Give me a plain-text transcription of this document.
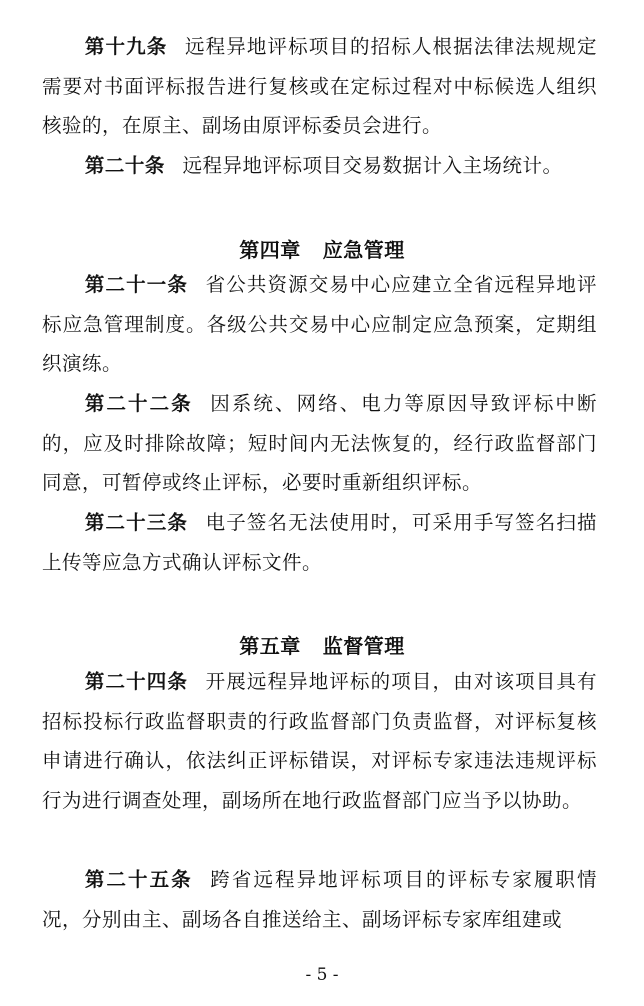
第十九条 远程异地评标项目的招标人根据法律法规规定需要对书面评标报告进行复核或在定标过程对中标候选人组织核验的，在原主、副场由原评标委员会进行。

第二十条 远程异地评标项目交易数据计入主场统计。

第四章 应急管理

第二十一条 省公共资源交易中心应建立全省远程异地评标应急管理制度。各级公共交易中心应制定应急预案，定期组织演练。

第二十二条 因系统、网络、电力等原因导致评标中断的，应及时排除故障；短时间内无法恢复的，经行政监督部门同意，可暂停或终止评标，必要时重新组织评标。

第二十三条 电子签名无法使用时，可采用手写签名扫描上传等应急方式确认评标文件。

第五章 监督管理

第二十四条 开展远程异地评标的项目，由对该项目具有招标投标行政监督职责的行政监督部门负责监督，对评标复核申请进行确认，依法纠正评标错误，对评标专家违法违规评标行为进行调查处理，副场所在地行政监督部门应当予以协助。

第二十五条 跨省远程异地评标项目的评标专家履职情况，分别由主、副场各自推送给主、副场评标专家库组建或

- 5 -
